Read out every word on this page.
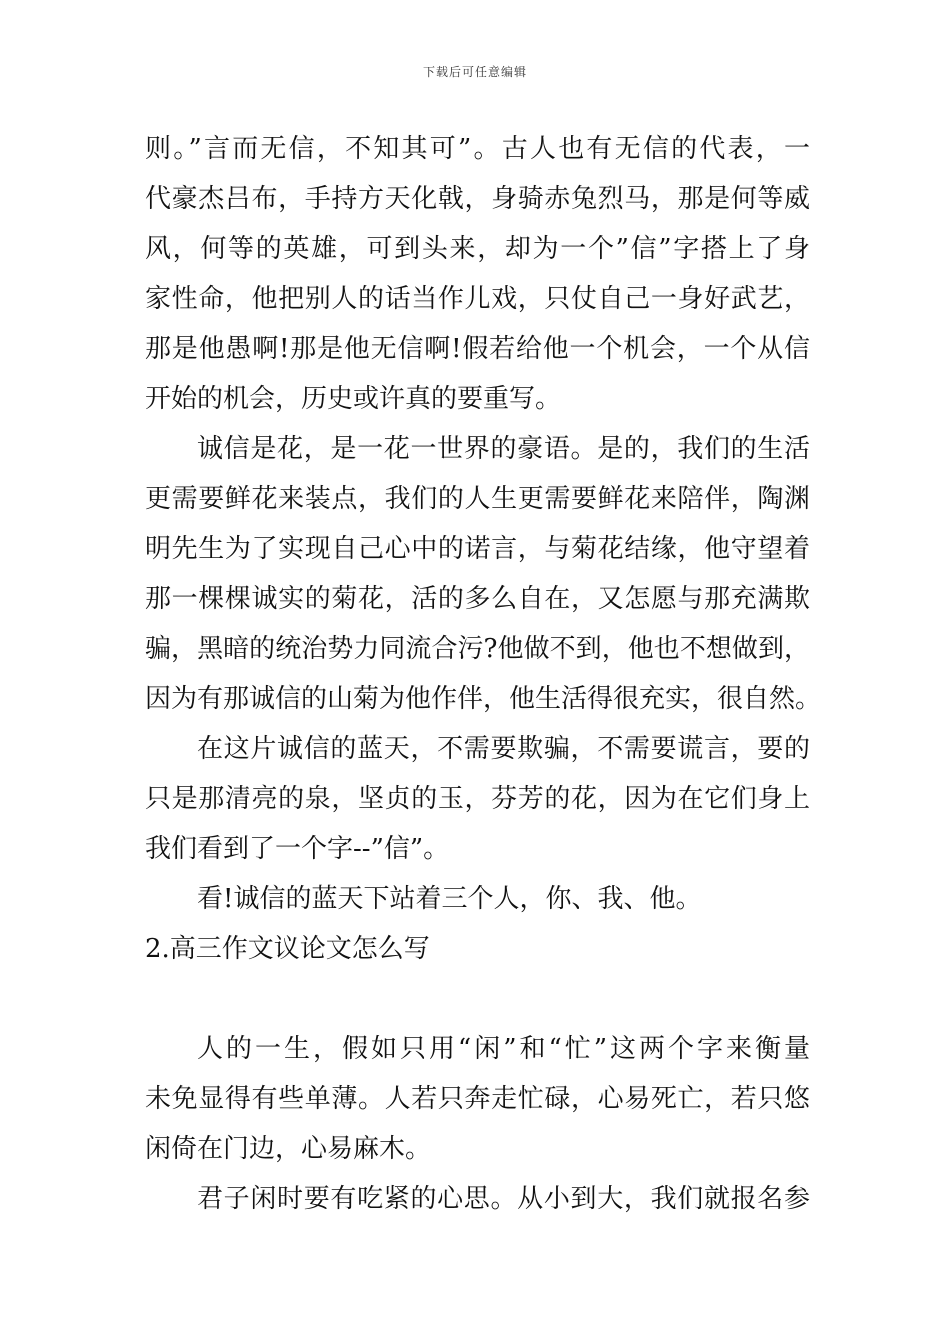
下载后可任意编辑
则。”言而无信，不知其可”。古人也有无信的代表，一
代豪杰吕布，手持方天化戟，身骑赤兔烈马，那是何等威
风，何等的英雄，可到头来，却为一个”信”字搭上了身
家性命，他把别人的话当作儿戏，只仗自己一身好武艺，
那是他愚啊!那是他无信啊!假若给他一个机会，一个从信
开始的机会，历史或许真的要重写。
诚信是花，是一花一世界的豪语。是的，我们的生活
更需要鲜花来装点，我们的人生更需要鲜花来陪伴，陶渊
明先生为了实现自己心中的诺言，与菊花结缘，他守望着
那一棵棵诚实的菊花，活的多么自在，又怎愿与那充满欺
骗，黑暗的统治势力同流合污?他做不到，他也不想做到，
因为有那诚信的山菊为他作伴，他生活得很充实，很自然。
在这片诚信的蓝天，不需要欺骗，不需要谎言，要的
只是那清亮的泉，坚贞的玉，芬芳的花，因为在它们身上
我们看到了一个字--”信”。
看!诚信的蓝天下站着三个人，你、我、他。
2.高三作文议论文怎么写
人的一生，假如只用“闲”和“忙”这两个字来衡量
未免显得有些单薄。人若只奔走忙碌，心易死亡，若只悠
闲倚在门边，心易麻木。
君子闲时要有吃紧的心思。从小到大，我们就报名参
